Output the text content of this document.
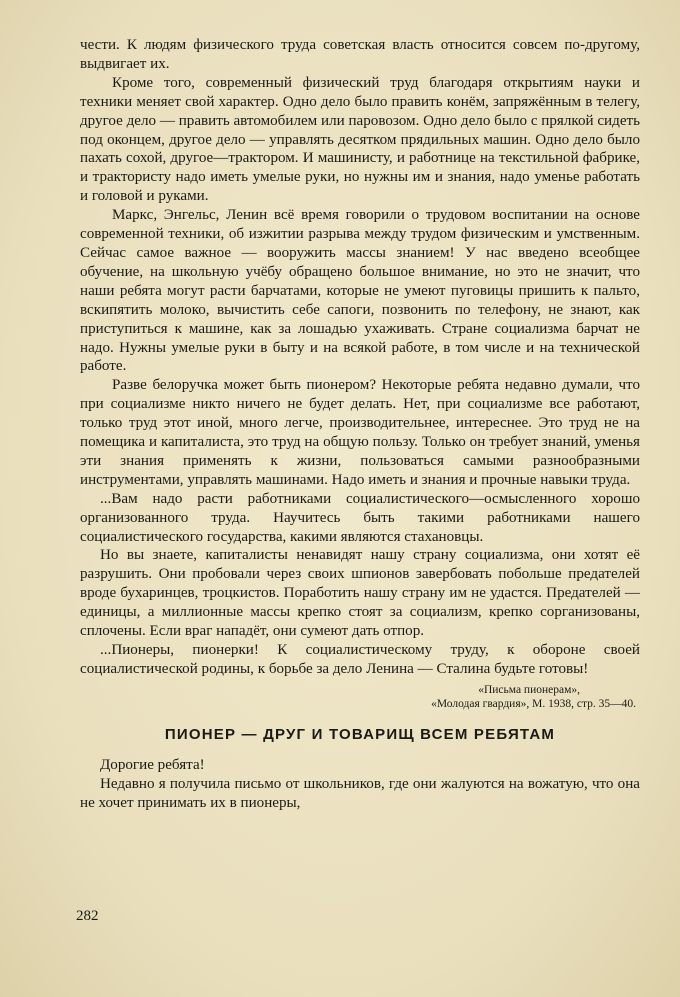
чести. К людям физического труда советская власть относится совсем по-другому, выдвигает их.

Кроме того, современный физический труд благодаря открытиям науки и техники меняет свой характер. Одно дело было править конём, запряжённым в телегу, другое дело — править автомобилем или паровозом. Одно дело было с прялкой сидеть под оконцем, другое дело — управлять десятком прядильных машин. Одно дело было пахать сохой, другое—трактором. И машинисту, и работнице на текстильной фабрике, и трактористу надо иметь умелые руки, но нужны им и знания, надо уменье работать и головой и руками.

Маркс, Энгельс, Ленин всё время говорили о трудовом воспитании на основе современной техники, об изжитии разрыва между трудом физическим и умственным. Сейчас самое важное — вооружить массы знанием! У нас введено всеобщее обучение, на школьную учёбу обращено большое внимание, но это не значит, что наши ребята могут расти барчатами, которые не умеют пуговицы пришить к пальто, вскипятить молоко, вычистить себе сапоги, позвонить по телефону, не знают, как приступиться к машине, как за лошадью ухаживать. Стране социализма барчат не надо. Нужны умелые руки в быту и на всякой работе, в том числе и на технической работе.

Разве белоручка может быть пионером? Некоторые ребята недавно думали, что при социализме никто ничего не будет делать. Нет, при социализме все работают, только труд этот иной, много легче, производительнее, интереснее. Это труд не на помещика и капиталиста, это труд на общую пользу. Только он требует знаний, уменья эти знания применять к жизни, пользоваться самыми разнообразными инструментами, управлять машинами. Надо иметь и знания и прочные навыки труда.

...Вам надо расти работниками социалистического—осмысленного хорошо организованного труда. Научитесь быть такими работниками нашего социалистического государства, какими являются стахановцы.

Но вы знаете, капиталисты ненавидят нашу страну социализма, они хотят её разрушить. Они пробовали через своих шпионов завербовать побольше предателей вроде бухаринцев, троцкистов. Поработить нашу страну им не удастся. Предателей — единицы, а миллионные массы крепко стоят за социализм, крепко сорганизованы, сплочены. Если враг нападёт, они сумеют дать отпор.

...Пионеры, пионерки! К социалистическому труду, к обороне своей социалистической родины, к борьбе за дело Ленина — Сталина будьте готовы!

«Письма пионерам»,
«Молодая гвардия», М. 1938, стр. 35—40.
ПИОНЕР — ДРУГ И ТОВАРИЩ ВСЕМ РЕБЯТАМ

Дорогие ребята!

Недавно я получила письмо от школьников, где они жалуются на вожатую, что она не хочет принимать их в пионеры,

282
